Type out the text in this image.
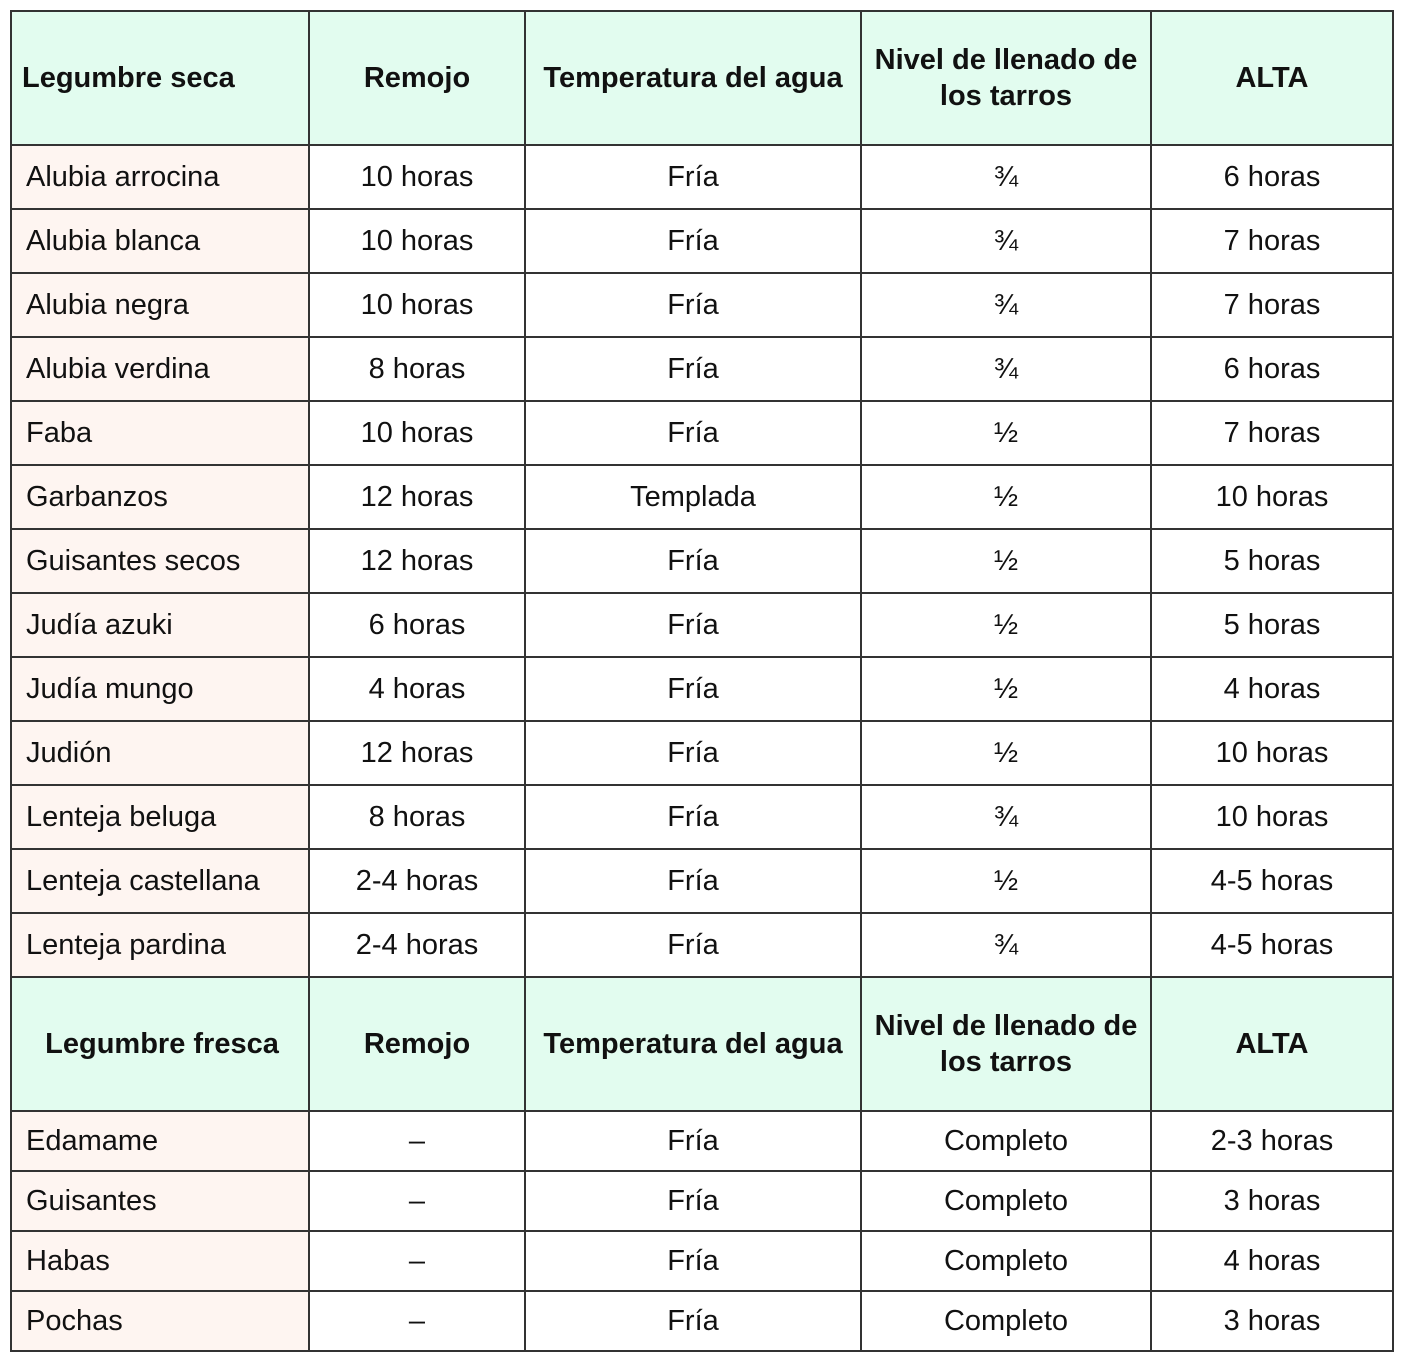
Legumbre seca	Remojo	Temperatura del agua	Nivel de llenado de los tarros	ALTA
Alubia arrocina	10 horas	Fría	¾	6 horas
Alubia blanca	10 horas	Fría	¾	7 horas
Alubia negra	10 horas	Fría	¾	7 horas
Alubia verdina	8 horas	Fría	¾	6 horas
Faba	10 horas	Fría	½	7 horas
Garbanzos	12 horas	Templada	½	10 horas
Guisantes secos	12 horas	Fría	½	5 horas
Judía azuki	6 horas	Fría	½	5 horas
Judía mungo	4 horas	Fría	½	4 horas
Judión	12 horas	Fría	½	10 horas
Lenteja beluga	8 horas	Fría	¾	10 horas
Lenteja castellana	2-4 horas	Fría	½	4-5 horas
Lenteja pardina	2-4 horas	Fría	¾	4-5 horas
Legumbre fresca	Remojo	Temperatura del agua	Nivel de llenado de los tarros	ALTA
Edamame	–	Fría	Completo	2-3 horas
Guisantes	–	Fría	Completo	3 horas
Habas	–	Fría	Completo	4 horas
Pochas	–	Fría	Completo	3 horas
